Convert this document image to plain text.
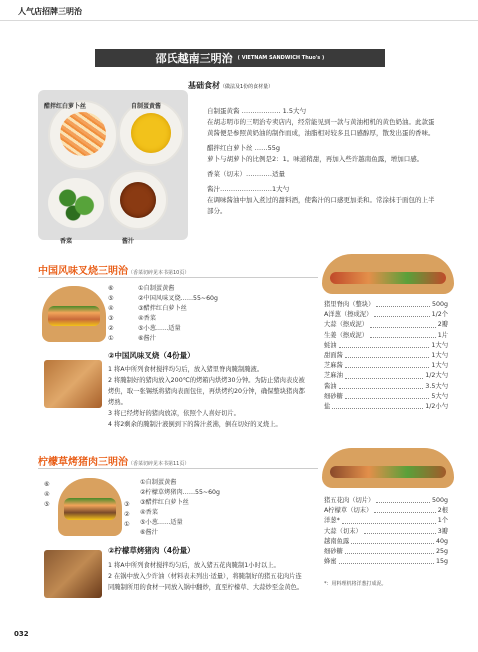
人气店招牌三明治
邵氏越南三明治 ( VIETNAM SANDWICH Thuo's )
基础食材（做法及1份的食材量）
醋拌红白萝卜丝	自制蛋黄酱
香菜	酱汁
自制蛋黄酱 ……………… 1.5大勺
在胡志明市的三明治专卖店内，经常能见到一款与黄油相机的黄色奶油。此款蛋黄酱便是参照黄奶油的制作而成，油脂相对较多且口感醇厚，散发出蛋的香味。
醋拌红白萝卜丝 ……55g
萝卜与胡萝卜的比例是2：1。味道稍甜，再加入些许越南鱼露，增加口感。
香菜（切末）…………适量
酱汁……………………1大勺
在调味酱油中加入煮过的甜料酒，使酱汁的口感更加柔和。常涂抹于面包的上半部分。
中国风味叉烧三明治（香菜切碎见本书第10页）
⑥
⑤
④
③
②
①
①自制蛋黄酱
②中国风味叉烧……55~60g
③醋拌红白萝卜丝
④香菜
⑤小葱……适量
⑥酱汁
②中国风味叉烧（4份量）
1 将A中所列食材搅拌均匀后，放入猪里脊肉腌制腌液。
2 将腌制好的猪肉放入200℃的烤箱内烘烤30分钟。为防止猪肉表皮被烤焦，取一张锡纸将猪肉表面包住，再烘烤约20分钟，确保整块猪肉都烤熟。
3 将已经烤好的猪肉放凉，依照个人喜好切片。
4 将2剩余的腌制汁液倒到下的酱汁煮沸，倒在切好的叉烧上。
猪里脊肉（整块）	500g
A洋葱（擦成泥）	1/2个
大蒜（擦成泥）	2瓣
生姜（擦成泥）	1片
蚝油	1大勺
甜面酱	1大勺
芝麻酱	1大勺
芝麻油	1/2大勺
酱油	3.5大勺
细砂糖	5大勺
盐	1/2小勺
柠檬草烤猪肉三明治（香菜切碎见本书第11页）
⑥
④
⑤	③
②
①
①自制蛋黄酱
②柠檬草烤猪肉……55~60g
③醋拌红白萝卜丝
④香菜
⑤小葱……适量
⑥酱汁
②柠檬草烤猪肉（4份量）
1 将A中所列食材搅拌均匀后，放入猪五花肉腌制1小时以上。
2 在锅中放入少许油（材料表未列出·适量），将腌制好的猪五花肉片连同腌制所用的食材一同放入锅中翻炒，直至柠檬草、大蒜炒至金黄色。
猪五花肉（切片）	500g
A柠檬草（切末）	2根
洋葱*	1个
大蒜（切末）	3瓣
越南鱼露	40g
细砂糖	25g
蜂蜜	15g
*：用料理机将洋葱打成泥。
032
